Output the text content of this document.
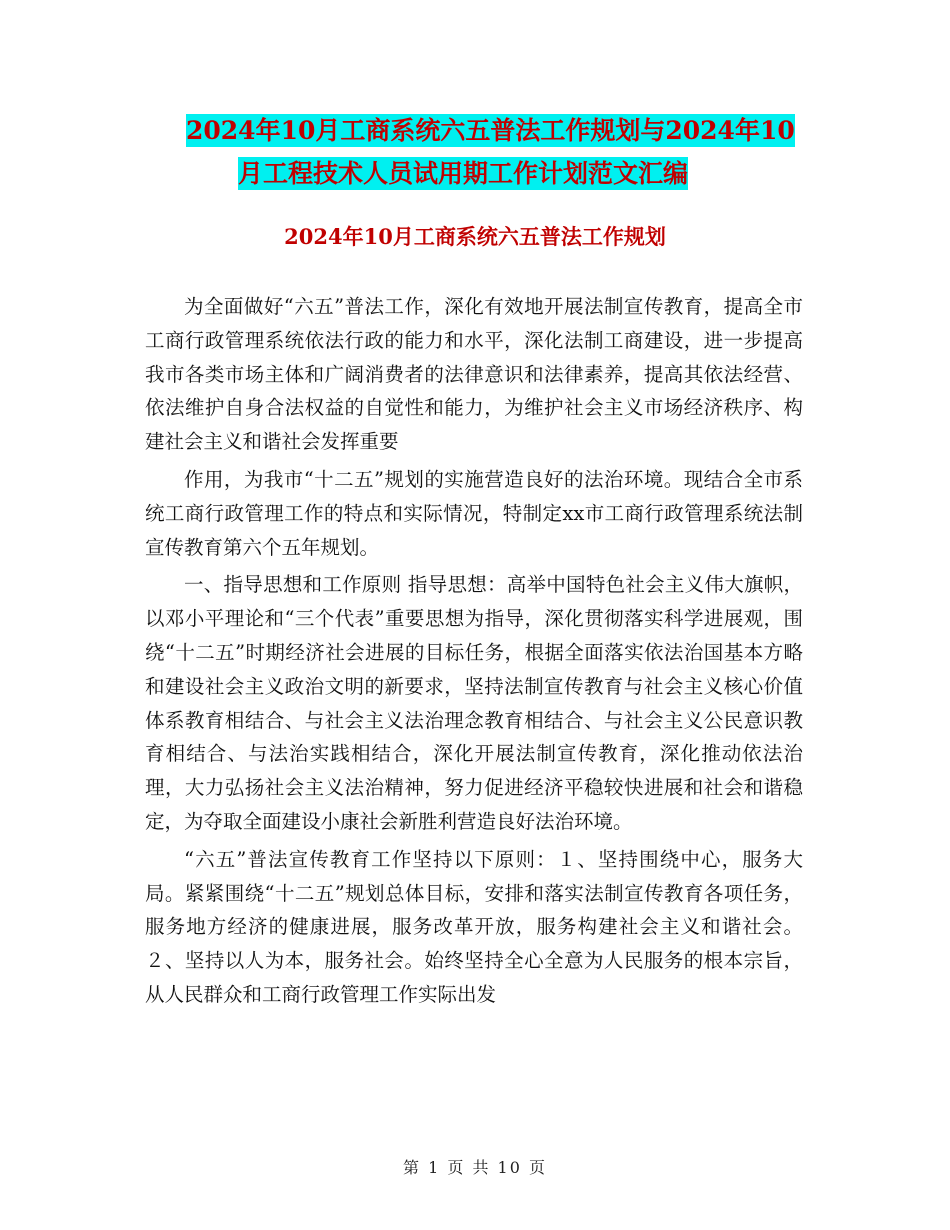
2024年10月工商系统六五普法工作规划与2024年10
月工程技术人员试用期工作计划范文汇编
2024年10月工商系统六五普法工作规划

为全面做好“六五”普法工作，深化有效地开展法制宣传教育，提高全市工商行政管理系统依法行政的能力和水平，深化法制工商建设，进一步提高我市各类市场主体和广阔消费者的法律意识和法律素养，提高其依法经营、依法维护自身合法权益的自觉性和能力，为维护社会主义市场经济秩序、构建社会主义和谐社会发挥重要

作用，为我市“十二五”规划的实施营造良好的法治环境。现结合全市系统工商行政管理工作的特点和实际情况，特制定xx市工商行政管理系统法制宣传教育第六个五年规划。

一、指导思想和工作原则 指导思想：高举中国特色社会主义伟大旗帜，以邓小平理论和“三个代表”重要思想为指导，深化贯彻落实科学进展观，围绕“十二五”时期经济社会进展的目标任务，根据全面落实依法治国基本方略和建设社会主义政治文明的新要求，坚持法制宣传教育与社会主义核心价值体系教育相结合、与社会主义法治理念教育相结合、与社会主义公民意识教育相结合、与法治实践相结合，深化开展法制宣传教育，深化推动依法治理，大力弘扬社会主义法治精神，努力促进经济平稳较快进展和社会和谐稳定，为夺取全面建设小康社会新胜利营造良好法治环境。

“六五”普法宣传教育工作坚持以下原则：１、坚持围绕中心，服务大局。紧紧围绕“十二五”规划总体目标，安排和落实法制宣传教育各项任务，服务地方经济的健康进展，服务改革开放，服务构建社会主义和谐社会。２、坚持以人为本，服务社会。始终坚持全心全意为人民服务的根本宗旨，从人民群众和工商行政管理工作实际出发

第 1 页 共 10 页
